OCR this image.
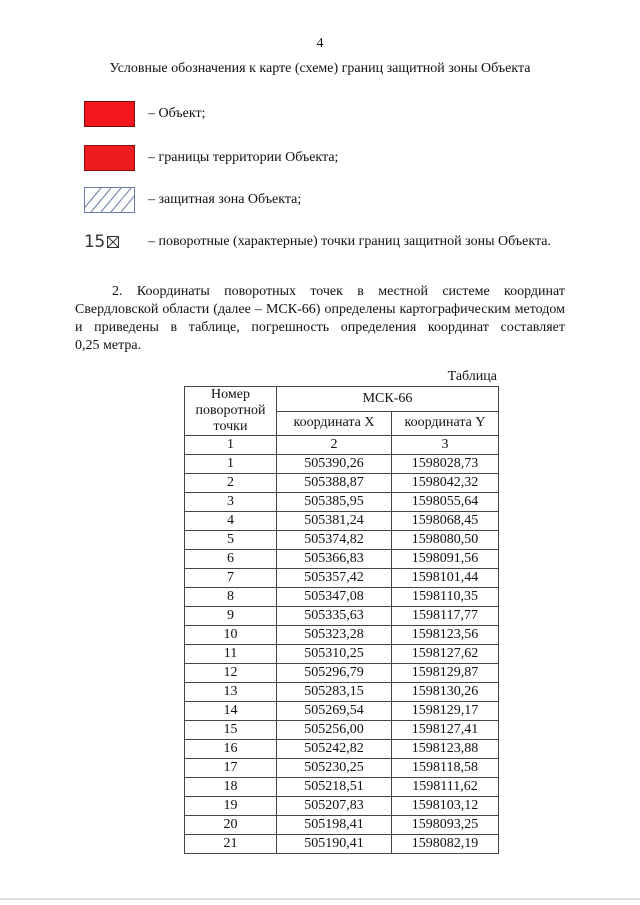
4
Условные обозначения к карте (схеме) границ защитной зоны Объекта
– Объект;
– границы территории Объекта;
– защитная зона Объекта;
15	– поворотные (характерные) точки границ защитной зоны Объекта.
2. Координаты поворотных точек в местной системе координат
Свердловской области (далее – МСК-66) определены картографическим методом
и приведены в таблице, погрешность определения координат составляет
0,25 метра.
Таблица
Номер поворотной точки	МСК-66	
	координата X	координата Y
1	2	3
1	505390,26	1598028,73
2	505388,87	1598042,32
3	505385,95	1598055,64
4	505381,24	1598068,45
5	505374,82	1598080,50
6	505366,83	1598091,56
7	505357,42	1598101,44
8	505347,08	1598110,35
9	505335,63	1598117,77
10	505323,28	1598123,56
11	505310,25	1598127,62
12	505296,79	1598129,87
13	505283,15	1598130,26
14	505269,54	1598129,17
15	505256,00	1598127,41
16	505242,82	1598123,88
17	505230,25	1598118,58
18	505218,51	1598111,62
19	505207,83	1598103,12
20	505198,41	1598093,25
21	505190,41	1598082,19
